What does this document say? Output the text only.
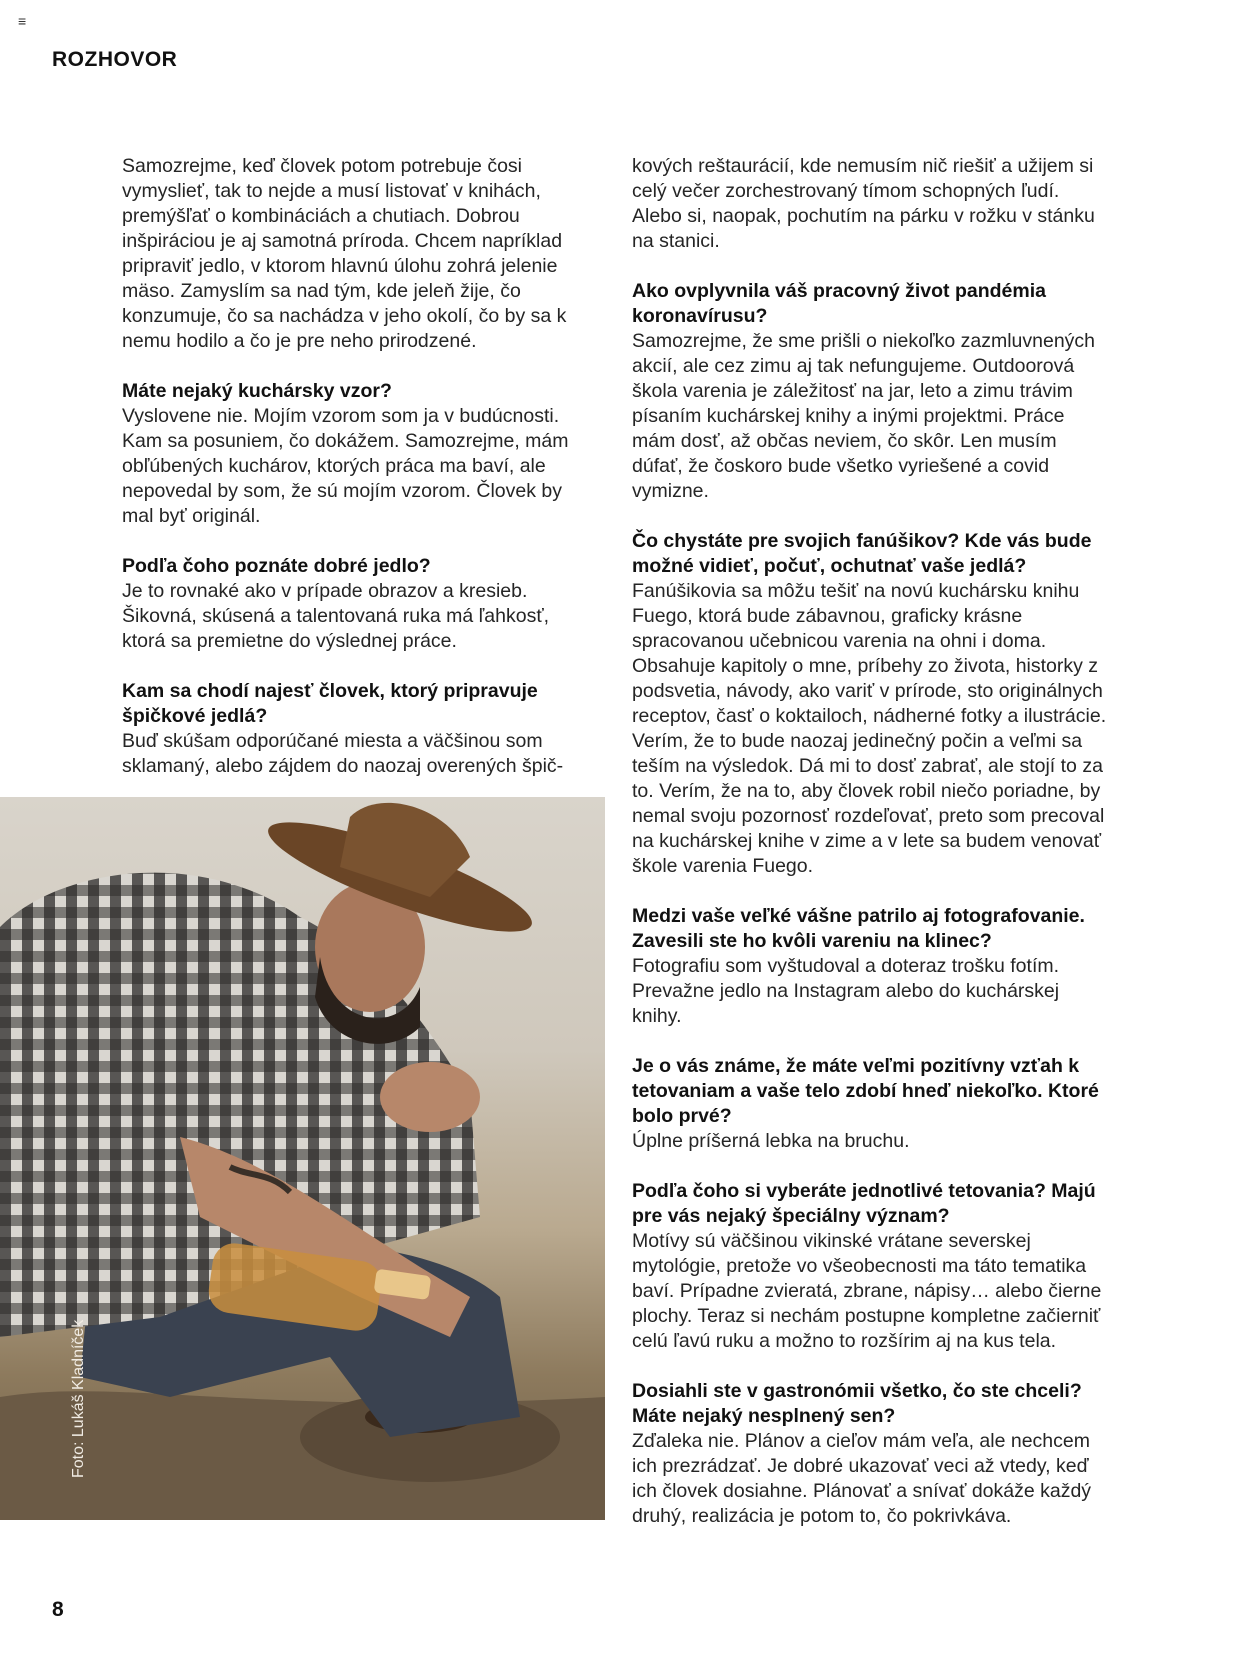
≡
ROZHOVOR

Samozrejme, keď človek potom potrebuje čosi vymyslieť, tak to nejde a musí listovať v knihách, premýšľať o kombináciách a chutiach. Dobrou inšpiráciou je aj samotná príroda. Chcem napríklad pripraviť jedlo, v ktorom hlavnú úlohu zohrá jelenie mäso. Zamyslím sa nad tým, kde jeleň žije, čo konzumuje, čo sa nachádza v jeho okolí, čo by sa k nemu hodilo a čo je pre neho prirodzené.

Máte nejaký kuchársky vzor?

Vyslovene nie. Mojím vzorom som ja v budúcnosti. Kam sa posuniem, čo dokážem. Samozrejme, mám obľúbených kuchárov, ktorých práca ma baví, ale nepovedal by som, že sú mojím vzorom. Človek by mal byť originál.

Podľa čoho poznáte dobré jedlo?

Je to rovnaké ako v prípade obrazov a kresieb. Šikovná, skúsená a talentovaná ruka má ľahkosť, ktorá sa premietne do výslednej práce.

Kam sa chodí najesť človek, ktorý pripravuje špičkové jedlá?

Buď skúšam odporúčané miesta a väčšinou som sklamaný, alebo zájdem do naozaj overených špič-

kových reštaurácií, kde nemusím nič riešiť a užijem si celý večer zorchestrovaný tímom schopných ľudí. Alebo si, naopak, pochutím na párku v rožku v stánku na stanici.

Ako ovplyvnila váš pracovný život pandémia koronavírusu?

Samozrejme, že sme prišli o niekoľko zazmluvnených akcií, ale cez zimu aj tak nefungujeme. Outdoorová škola varenia je záležitosť na jar, leto a zimu trávim písaním kuchárskej knihy a inými projektmi. Práce mám dosť, až občas neviem, čo skôr. Len musím dúfať, že čoskoro bude všetko vyriešené a covid vymizne.

Čo chystáte pre svojich fanúšikov? Kde vás bude možné vidieť, počuť, ochutnať vaše jedlá?

Fanúšikovia sa môžu tešiť na novú kuchársku knihu Fuego, ktorá bude zábavnou, graficky krásne spracovanou učebnicou varenia na ohni i doma. Obsahuje kapitoly o mne, príbehy zo života, historky z podsvetia, návody, ako variť v prírode, sto originálnych receptov, časť o koktailoch, nádherné fotky a ilustrácie. Verím, že to bude naozaj jedinečný počin a veľmi sa teším na výsledok. Dá mi to dosť zabrať, ale stojí to za to. Verím, že na to, aby človek robil niečo poriadne, by nemal svoju pozornosť rozdeľovať, preto som precoval na kuchárskej knihe v zime a v lete sa budem venovať škole varenia Fuego.

Medzi vaše veľké vášne patrilo aj fotografovanie. Zavesili ste ho kvôli vareniu na klinec?

Fotografiu som vyštudoval a doteraz trošku fotím. Prevažne jedlo na Instagram alebo do kuchárskej knihy.

Je o vás známe, že máte veľmi pozitívny vzťah k tetovaniam a vaše telo zdobí hneď niekoľko. Ktoré bolo prvé?

Úplne príšerná lebka na bruchu.

Podľa čoho si vyberáte jednotlivé tetovania? Majú pre vás nejaký špeciálny význam?

Motívy sú väčšinou vikinské vrátane severskej mytológie, pretože vo všeobecnosti ma táto tematika baví. Prípadne zvieratá, zbrane, nápisy… alebo čierne plochy. Teraz si nechám postupne kompletne začierniť celú ľavú ruku a možno to rozšírim aj na kus tela.

Dosiahli ste v gastronómii všetko, čo ste chceli? Máte nejaký nesplnený sen?

Zďaleka nie. Plánov a cieľov mám veľa, ale nechcem ich prezrádzať. Je dobré ukazovať veci až vtedy, keď ich človek dosiahne. Plánovať a snívať dokáže každý druhý, realizácia je potom to, čo pokrivkáva.

Foto: Lukáš Kladníček
8
